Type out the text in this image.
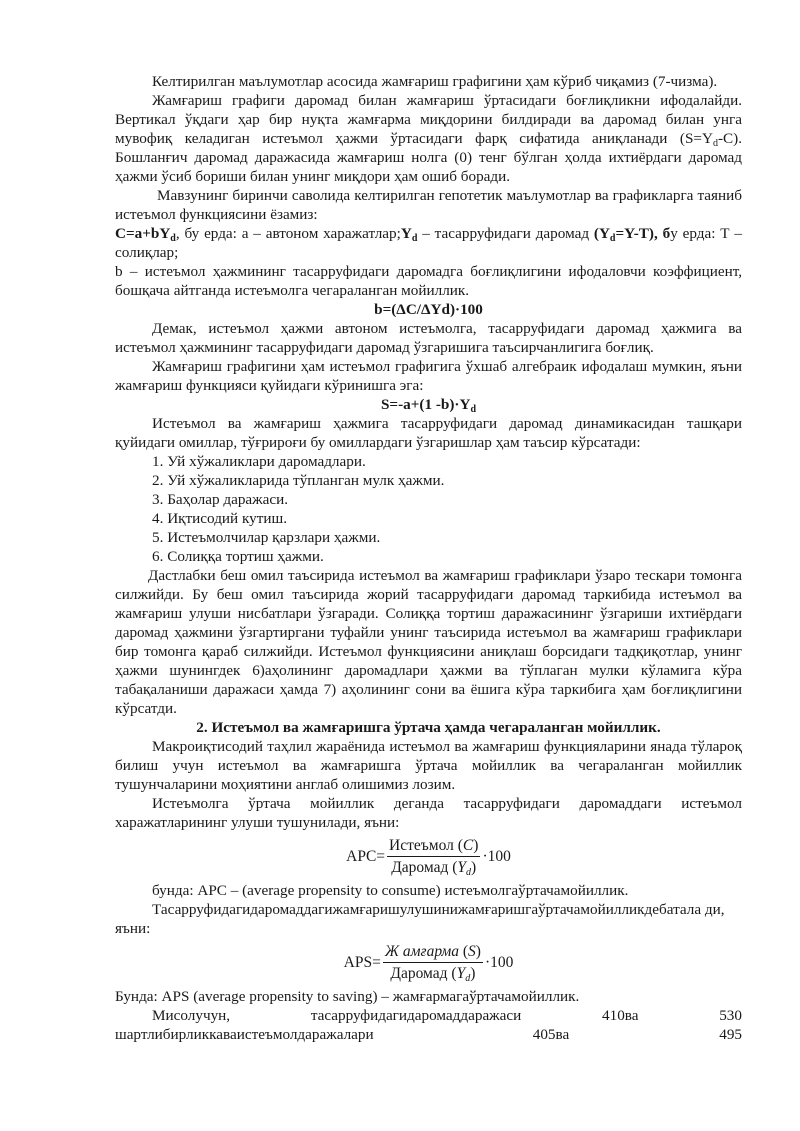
Келтирилган маълумотлар асосида жамғариш графигини ҳам кўриб чиқамиз (7-чизма).

Жамғариш графиги даромад билан жамғариш ўртасидаги боғлиқликни ифодалайди. Вертикал ўқдаги ҳар бир нуқта жамғарма миқдорини билдиради ва даромад билан унга мувофиқ келадиган истеъмол ҳажми ўртасидаги фарқ сифатида аниқланади $(S=Y_d-С)$. Бошланғич даромад даражасида жамғариш нолга (0) тенг бўлган ҳолда ихтиёрдаги даромад ҳажми ўсиб бориши билан унинг миқдори ҳам ошиб боради.

Мавзунинг биринчи саволида келтирилган гепотетик маълумотлар ва графикларга таяниб истеъмол функциясини ёзамиз:

$C=a+bY_d$, бу ерда: a – автоном $харажатлар;Y_d$ – тасарруфидаги даромад $(Y_d=Y-T)$, бу ерда: Т – солиқлар;

b – истеъмол ҳажмининг тасарруфидаги даромадга боғлиқлигини ифодаловчи коэффициент, бошқача айтганда истеъмолга чегараланган мойиллик.

b=(ΔC/ΔYd)·100

Демак, истеъмол ҳажми автоном истеъмолга, тасарруфидаги даромад ҳажмига ва истеъмол ҳажмининг тасарруфидаги даромад ўзгаришига таъсирчанлигига боғлиқ.

Жамғариш графигини ҳам истеъмол графигига ўхшаб алгебраик ифодалаш мумкин, яъни жамғариш функцияси қуйидаги кўринишга эга:

S=-a+(1 $-b)\cdot Y_d$

Истеъмол ва жамғариш ҳажмига тасарруфидаги даромад динамикасидан ташқари қуйидаги омиллар, тўғрироғи бу омиллардаги ўзгаришлар ҳам таъсир кўрсатади:

1. Уй хўжаликлари даромадлари.
2. Уй хўжаликларида тўпланган мулк ҳажми.
3. Баҳолар даражаси.
4. Иқтисодий кутиш.
5. Истеъмолчилар қарзлари ҳажми.
6. Солиққа тортиш ҳажми.

Дастлабки беш омил таъсирида истеъмол ва жамғариш графиклари ўзаро тескари томонга силжийди. Бу беш омил таъсирида жорий тасарруфидаги даромад таркибида истеъмол ва жамғариш улуши нисбатлари ўзгаради. Солиққа тортиш даражасининг ўзгариши ихтиёрдаги даромад ҳажмини ўзгартиргани туфайли унинг таъсирида истеъмол ва жамғариш графиклари бир томонга қараб силжийди. Истеъмол функциясини аниқлаш борсидаги тадқиқотлар, унинг ҳажми шунингдек 6)аҳолининг даромадлари ҳажми ва тўплаган мулки кўламига кўра табақаланиши даражаси ҳамда 7) аҳолининг сони ва ёшига кўра таркибига ҳам боғлиқлигини кўрсатди.

2. Истеъмол ва жамғаришга ўртача ҳамда чегараланган мойиллик.

Макроиқтисодий таҳлил жараёнида истеъмол ва жамғариш функцияларини янада тўлароқ билиш учун истеъмол ва жамғаришга ўртача мойиллик ва чегараланган мойиллик тушунчаларини моҳиятини англаб олишимиз лозим.

Истеъмолга ўртача мойиллик деганда тасарруфидаги даромаддаги истеъмол харажатларининг улуши тушунилади, яъни:

APC = $\frac{\text{Истеъмол (C)}}{Даромад (Y_d)} \cdot 100$

бунда: APC – (average propensity to consume) истеъмолгаўртачамойиллик.

Тасарруфидагидаромаддагижамғаришулушинижамғаришгаўртачамойилликдебатала ди, яъни:

APS = $\frac{\text{Ж амғарма (S)}}{Даромад (Y_d)} \cdot 100$

Бунда: APS (average propensity to saving) – жамғармагаўртачамойиллик.

Мисолучун,	тасарруфидагидаромаддаражаси	410ва	530
шартлибирликкаваистеъмолдаражалари	405ва	495
